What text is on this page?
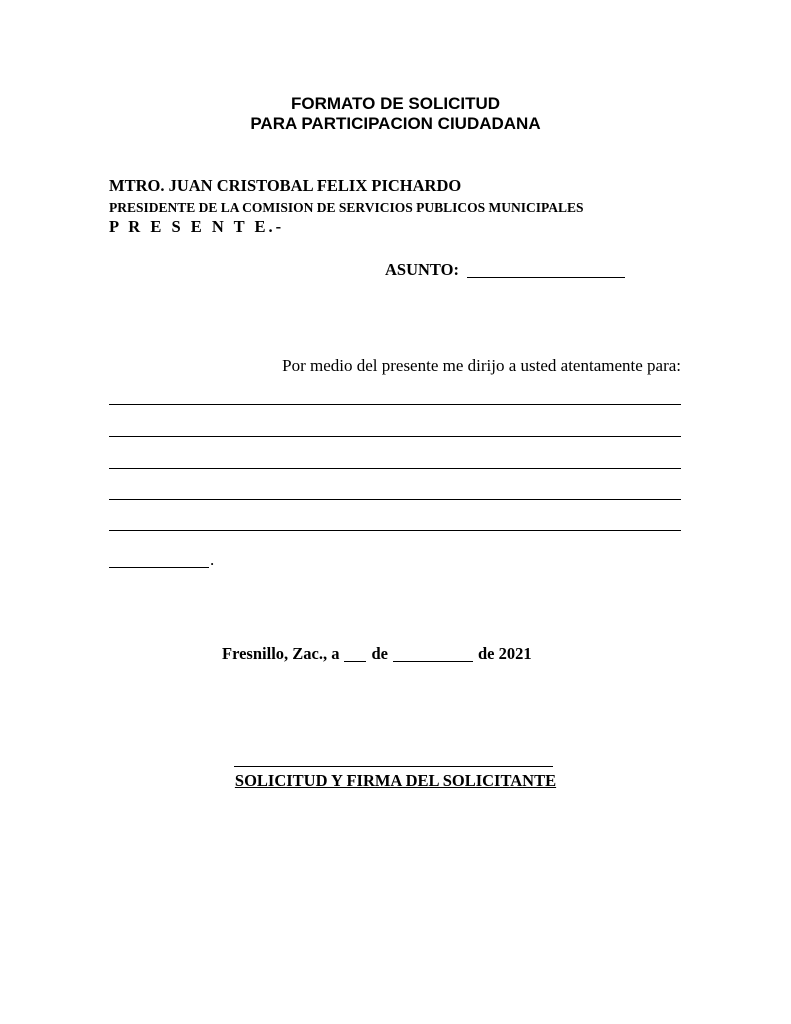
FORMATO DE SOLICITUD
PARA PARTICIPACION CIUDADANA
MTRO. JUAN CRISTOBAL FELIX PICHARDO
PRESIDENTE DE LA COMISION DE SERVICIOS PUBLICOS MUNICIPALES
P R E S E N T E.-
ASUNTO:
Por medio del presente me dirijo a usted atentamente para:
.
Fresnillo, Zac., a de	de 2021
SOLICITUD Y FIRMA DEL SOLICITANTE
